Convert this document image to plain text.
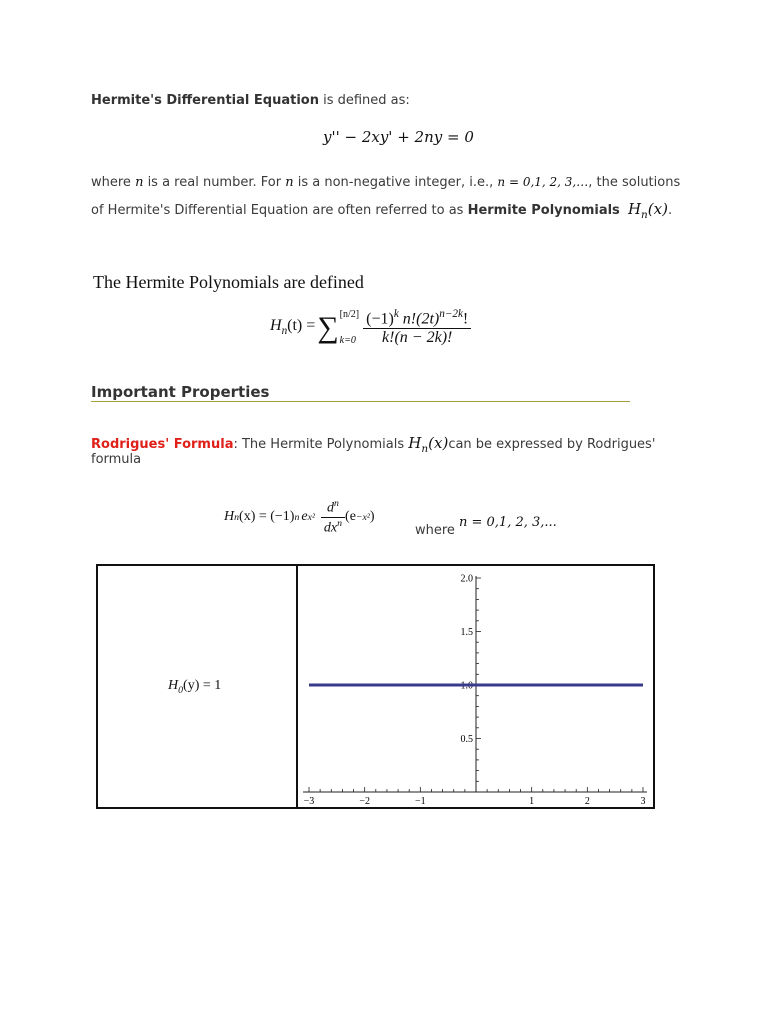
Hermite's Differential Equation is defined as:
y'' − 2xy' + 2ny = 0
where n is a real number. For n is a non-negative integer, i.e., n = 0,1, 2, 3,…, the solutions
of Hermite's Differential Equation are often referred to as Hermite Polynomials $H_n(x)$.
The Hermite Polynomials are defined
$H_n(t)$ = ∑ [n/2]
$k=0 \frac{(-1)^k n!(2t)^{n-2k}!}{k!(n - 2k)!}$
Important Properties
Rodrigues' Formula: The Hermite Polynomials $H_n(x)can$ be expressed by Rodrigues'
formula
H n (x) = (−1) n e $x^2 \frac{d^n}{dx^n} (e -x^2$ )
where
n = 0,1, 2, 3,...
$H_0(y) = 1$
−3	−2	−1	1	2	3
0.5
1.0
1.5
2.0
